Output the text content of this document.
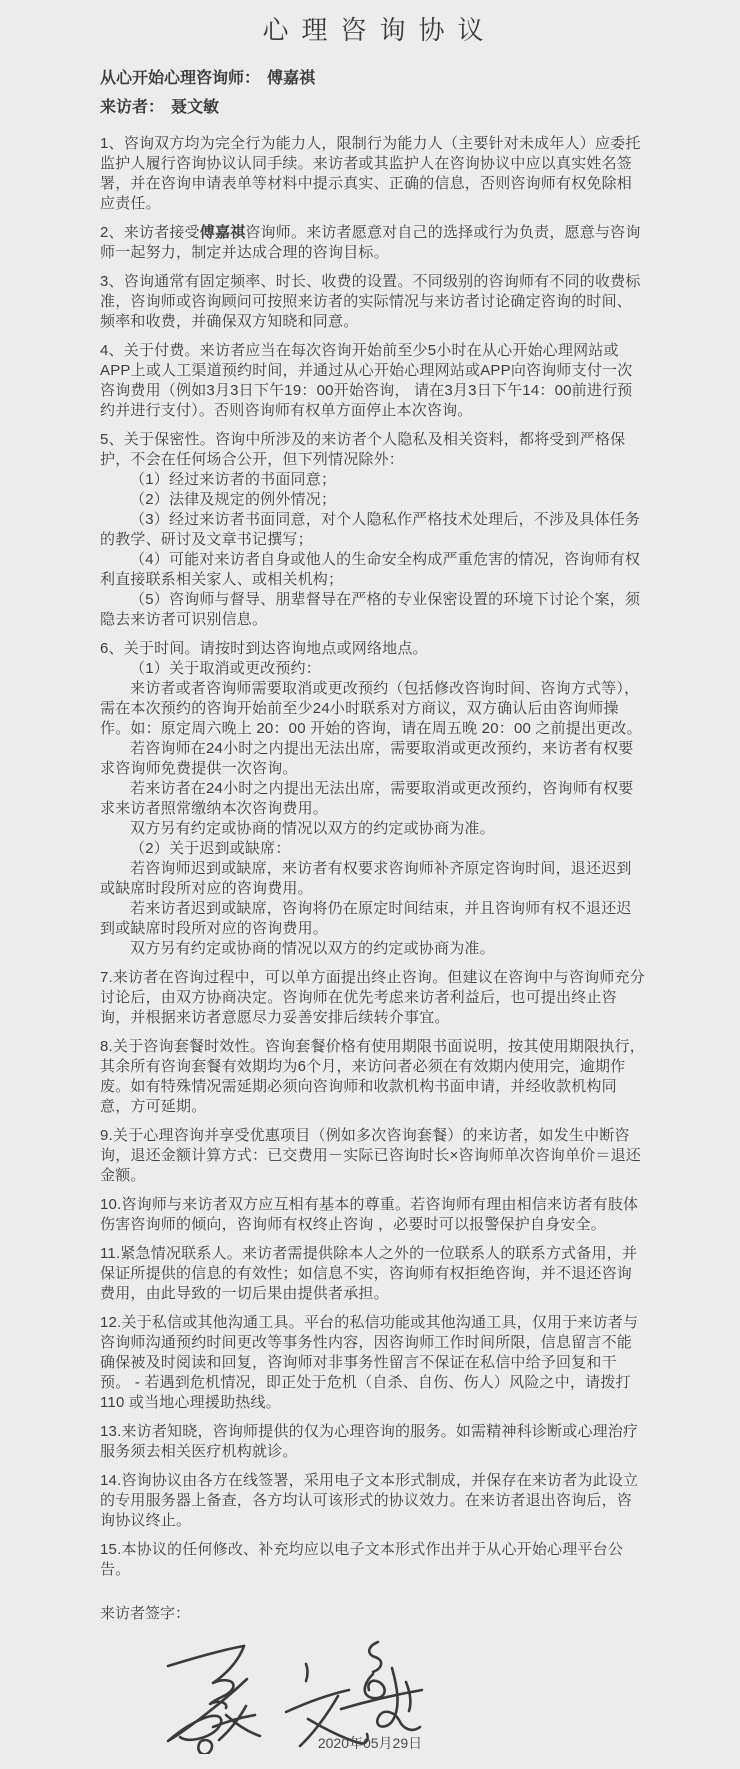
心理咨询协议

从心开始心理咨询师： 傅嘉祺

来访者： 聂文敏

1、咨询双方均为完全行为能力人，限制行为能力人（主要针对未成年人）应委托监护人履行咨询协议认同手续。来访者或其监护人在咨询协议中应以真实姓名签署，并在咨询申请表单等材料中提示真实、正确的信息，否则咨询师有权免除相应责任。

2、来访者接受傅嘉祺咨询师。来访者愿意对自己的选择或行为负责，愿意与咨询师一起努力，制定并达成合理的咨询目标。

3、咨询通常有固定频率、时长、收费的设置。不同级别的咨询师有不同的收费标准，咨询师或咨询顾问可按照来访者的实际情况与来访者讨论确定咨询的时间、频率和收费，并确保双方知晓和同意。

4、关于付费。来访者应当在每次咨询开始前至少5小时在从心开始心理网站或APP上或人工渠道预约时间，并通过从心开始心理网站或APP向咨询师支付一次咨询费用（例如3月3日下午19：00开始咨询， 请在3月3日下午14：00前进行预约并进行支付）。否则咨询师有权单方面停止本次咨询。

5、关于保密性。咨询中所涉及的来访者个人隐私及相关资料，都将受到严格保护，不会在任何场合公开，但下列情况除外：

（1）经过来访者的书面同意；

（2）法律及规定的例外情况；

（3）经过来访者书面同意，对个人隐私作严格技术处理后，不涉及具体任务的教学、研讨及文章书记撰写；

（4）可能对来访者自身或他人的生命安全构成严重危害的情况，咨询师有权利直接联系相关家人、或相关机构；

（5）咨询师与督导、朋辈督导在严格的专业保密设置的环境下讨论个案，须隐去来访者可识别信息。

6、关于时间。请按时到达咨询地点或网络地点。

（1）关于取消或更改预约：

来访者或者咨询师需要取消或更改预约（包括修改咨询时间、咨询方式等），需在本次预约的咨询开始前至少24小时联系对方商议，双方确认后由咨询师操作。如：原定周六晚上 20：00 开始的咨询，请在周五晚 20：00 之前提出更改。

若咨询师在24小时之内提出无法出席，需要取消或更改预约，来访者有权要求咨询师免费提供一次咨询。

若来访者在24小时之内提出无法出席，需要取消或更改预约，咨询师有权要求来访者照常缴纳本次咨询费用。

双方另有约定或协商的情况以双方的约定或协商为准。

（2）关于迟到或缺席：

若咨询师迟到或缺席，来访者有权要求咨询师补齐原定咨询时间，退还迟到或缺席时段所对应的咨询费用。

若来访者迟到或缺席，咨询将仍在原定时间结束，并且咨询师有权不退还迟到或缺席时段所对应的咨询费用。

双方另有约定或协商的情况以双方的约定或协商为准。

7.来访者在咨询过程中，可以单方面提出终止咨询。但建议在咨询中与咨询师充分讨论后，由双方协商决定。咨询师在优先考虑来访者利益后，也可提出终止咨询，并根据来访者意愿尽力妥善安排后续转介事宜。

8.关于咨询套餐时效性。咨询套餐价格有使用期限书面说明，按其使用期限执行，其余所有咨询套餐有效期均为6个月，来访问者必须在有效期内使用完，逾期作废。如有特殊情况需延期必须向咨询师和收款机构书面申请，并经收款机构同意，方可延期。

9.关于心理咨询并享受优惠项目（例如多次咨询套餐）的来访者，如发生中断咨询，退还金额计算方式：已交费用－实际已咨询时长×咨询师单次咨询单价＝退还金额。

10.咨询师与来访者双方应互相有基本的尊重。若咨询师有理由相信来访者有肢体伤害咨询师的倾向，咨询师有权终止咨询 ，必要时可以报警保护自身安全。

11.紧急情况联系人。来访者需提供除本人之外的一位联系人的联系方式备用，并保证所提供的信息的有效性；如信息不实，咨询师有权拒绝咨询，并不退还咨询费用，由此导致的一切后果由提供者承担。

12.关于私信或其他沟通工具。平台的私信功能或其他沟通工具，仅用于来访者与咨询师沟通预约时间更改等事务性内容，因咨询师工作时间所限，信息留言不能确保被及时阅读和回复，咨询师对非事务性留言不保证在私信中给予回复和干预。 - 若遇到危机情况，即正处于危机（自杀、自伤、伤人）风险之中，请拨打 110 或当地心理援助热线。

13.来访者知晓，咨询师提供的仅为心理咨询的服务。如需精神科诊断或心理治疗服务须去相关医疗机构就诊。

14.咨询协议由各方在线签署，采用电子文本形式制成，并保存在来访者为此设立的专用服务器上备查，各方均认可该形式的协议效力。在来访者退出咨询后，咨询协议终止。

15.本协议的任何修改、补充均应以电子文本形式作出并于从心开始心理平台公告。

来访者签字：

2020年05月29日
